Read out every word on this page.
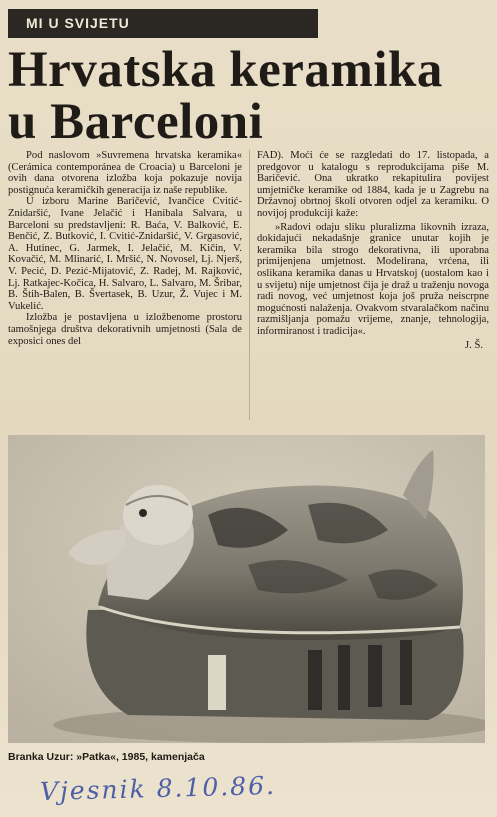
MI U SVIJETU
Hrvatska keramika
u Barceloni

Pod naslovom »Suvremena hrvatska keramika« (Cerámica contemporánea de Croacia) u Barceloni je ovih dana otvorena izložba koja pokazuje novija postignuća keramičkih generacija iz naše republike.

U izboru Marine Baričević, Ivančice Cvitić-Znidaršić, Ivane Jelačić i Hanibala Salvara, u Barceloni su predstavljeni: R. Baća, V. Balković, E. Benčić, Z. Butković, I. Cvitić-Znidaršić, V. Grgasović, A. Hutinec, G. Jarmek, I. Jelačić, M. Kičin, V. Kovačić, M. Mlinarić, I. Mršić, N. Novosel, Lj. Njerš, V. Pecić, D. Pezić-Mijatović, Z. Radej, M. Rajković, Lj. Ratkajec-Kočica, H. Salvaro, L. Salvaro, M. Šribar, B. Štih-Balen, B. Švertasek, B. Uzur, Ž. Vujec i M. Vukelić.

Izložba je postavljena u izložbenome prostoru tamošnjega društva dekorativnih umjetnosti (Sala de exposici ones del

FAD). Moći će se razgledati do 17. listopada, a predgovor u katalogu s reprodukcijama piše M. Baričević. Ona ukratko rekapitulira povijest umjetničke keramike od 1884, kada je u Zagrebu na Državnoj obrtnoj školi otvoren odjel za keramiku. O novijoj produkciji kaže:

»Radovi odaju sliku pluralizma likovnih izraza, dokidajući nekadašnje granice unutar kojih je keramika bila strogo dekorativna, ili uporabna primijenjena umjetnost. Modelirana, vrćena, ili oslikana keramika danas u Hrvatskoj (uostalom kao i u svijetu) nije umjetnost čija je draž u traženju novoga radi novog, već umjetnost koja još pruža neiscrpne mogućnosti nalaženja. Ovakvom stvaralačkom načinu razmišljanja pomažu vrijeme, znanje, tehnologija, informiranost i tradicija«.

J. Š.
Branka Uzur: »Patka«, 1985, kamenjača
Vjesnik 8.10.86.
